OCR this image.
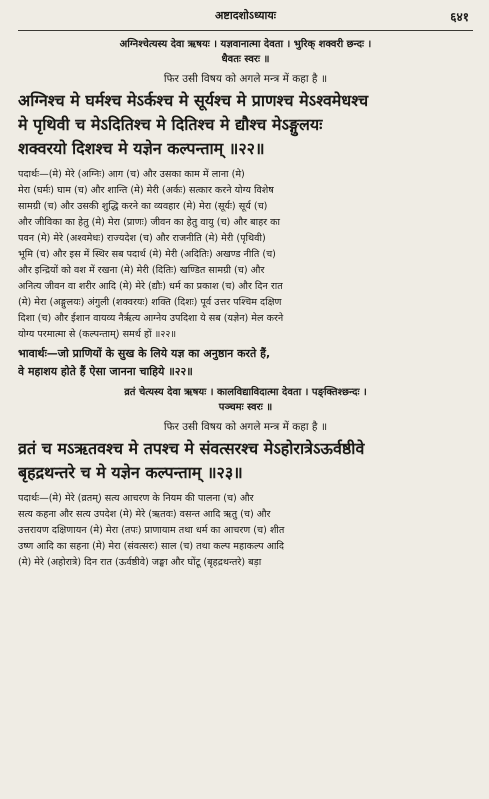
अष्टादशोऽध्यायः	६४१
अग्निश्चेत्यस्य देवा ऋषयः । यज्ञवानात्मा देवता । भुरिक् शक्वरी छन्दः ।
धैवतः स्वरः ॥
फिर उसी विषय को अगले मन्त्र में कहा है ॥
अग्निश्च मे घर्मश्च मेऽर्कश्च मे सूर्यश्च मे प्राणश्च मेऽश्वमेधश्च
मे पृथिवी च मेऽदितिश्च मे दितिश्च मे द्यौश्च मेऽङ्गुलयः
शक्वरयो दिशश्च मे यज्ञेन कल्पन्ताम् ॥२२॥
पदार्थः—(मे) मेरे (अग्निः) आग (च) और उसका काम में लाना (मे)
मेरा (घर्मः) घाम (च) और शान्ति (मे) मेरी (अर्कः) सत्कार करने योग्य विशेष
सामग्री (च) और उसकी शुद्धि करने का व्यवहार (मे) मेरा (सूर्यः) सूर्य (च)
और जीविका का हेतु (मे) मेरा (प्राणः) जीवन का हेतु वायु (च) और बाहर का
पवन (मे) मेरे (अश्वमेधः) राज्यदेश (च) और राजनीति (मे) मेरी (पृथिवी)
भूमि (च) और इस में स्थिर सब पदार्थ (मे) मेरी (अदितिः) अखण्ड नीति (च)
और इन्द्रियों को वश में रखना (मे) मेरी (दितिः) खण्डित सामग्री (च) और
अनित्य जीवन वा शरीर आदि (मे) मेरे (द्यौः) धर्म का प्रकाश (च) और दिन रात
(मे) मेरा (अङ्गुलयः) अंगुली (शक्वरयः) शक्ति (दिशः) पूर्व उत्तर पश्चिम दक्षिण
दिशा (च) और ईशान वायव्य नैर्ऋत्य आग्नेय उपदिशा ये सब (यज्ञेन) मेल करने
योग्य परमात्मा से (कल्पन्ताम्) समर्थ हों ॥२२॥
भावार्थः—जो प्राणियों के सुख के लिये यज्ञ का अनुष्ठान करते हैं,
वे महाशय होते हैं ऐसा जानना चाहिये ॥२२॥
व्रतं चेत्यस्य देवा ऋषयः । कालविद्याविदात्मा देवता । पङ्क्तिश्छन्दः ।
पञ्चमः स्वरः ॥
फिर उसी विषय को अगले मन्त्र में कहा है ॥
व्रतं च मऽऋतवश्च मे तपश्च मे संवत्सरश्च मेऽहोरात्रेऽऊर्वष्ठीवे
बृहद्रथन्तरे च मे यज्ञेन कल्पन्ताम् ॥२३॥
पदार्थः—(मे) मेरे (व्रतम्) सत्य आचरण के नियम की पालना (च) और
सत्य कहना और सत्य उपदेश (मे) मेरे (ऋतवः) वसन्त आदि ऋतु (च) और
उत्तरायण दक्षिणायन (मे) मेरा (तपः) प्राणायाम तथा धर्म का आचरण (च) शीत
उष्ण आदि का सहना (मे) मेरा (संवत्सरः) साल (च) तथा कल्प महाकल्प आदि
(मे) मेरे (अहोरात्रे) दिन रात (ऊर्वष्ठीवे) जङ्घा और घोंटू (बृहद्रथन्तरे) बड़ा
